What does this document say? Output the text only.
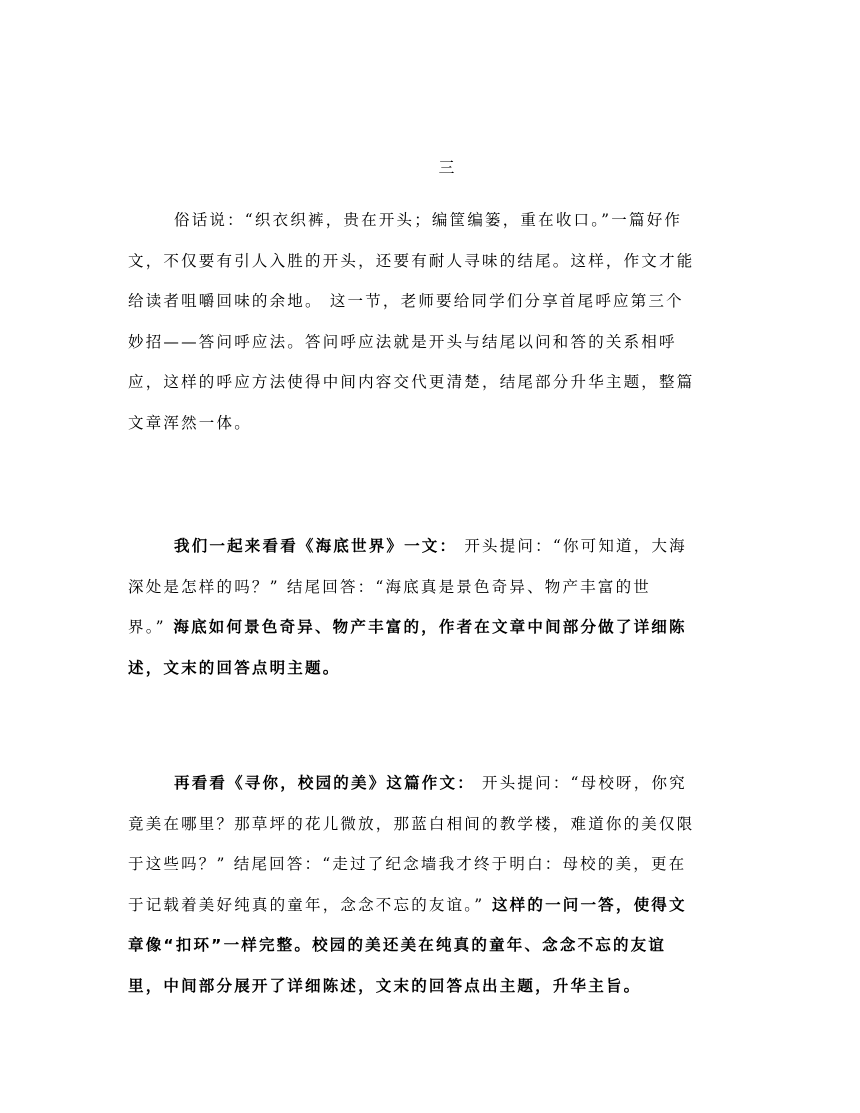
三

俗话说：“织衣织裤，贵在开头；编筐编篓，重在收口。”一篇好作
文，不仅要有引人入胜的开头，还要有耐人寻味的结尾。这样，作文才能
给读者咀嚼回味的余地。 这一节，老师要给同学们分享首尾呼应第三个
妙招——答问呼应法。答问呼应法就是开头与结尾以问和答的关系相呼
应，这样的呼应方法使得中间内容交代更清楚，结尾部分升华主题，整篇
文章浑然一体。

我们一起来看看《海底世界》一文： 开头提问：“你可知道，大海
深处是怎样的吗？” 结尾回答：“海底真是景色奇异、物产丰富的世
界。” 海底如何景色奇异、物产丰富的，作者在文章中间部分做了详细陈
述，文末的回答点明主题。

再看看《寻你，校园的美》这篇作文： 开头提问：“母校呀，你究
竟美在哪里？那草坪的花儿微放，那蓝白相间的教学楼，难道你的美仅限
于这些吗？” 结尾回答：“走过了纪念墙我才终于明白：母校的美，更在
于记载着美好纯真的童年，念念不忘的友谊。” 这样的一问一答，使得文
章像“扣环”一样完整。校园的美还美在纯真的童年、念念不忘的友谊
里，中间部分展开了详细陈述，文末的回答点出主题，升华主旨。
